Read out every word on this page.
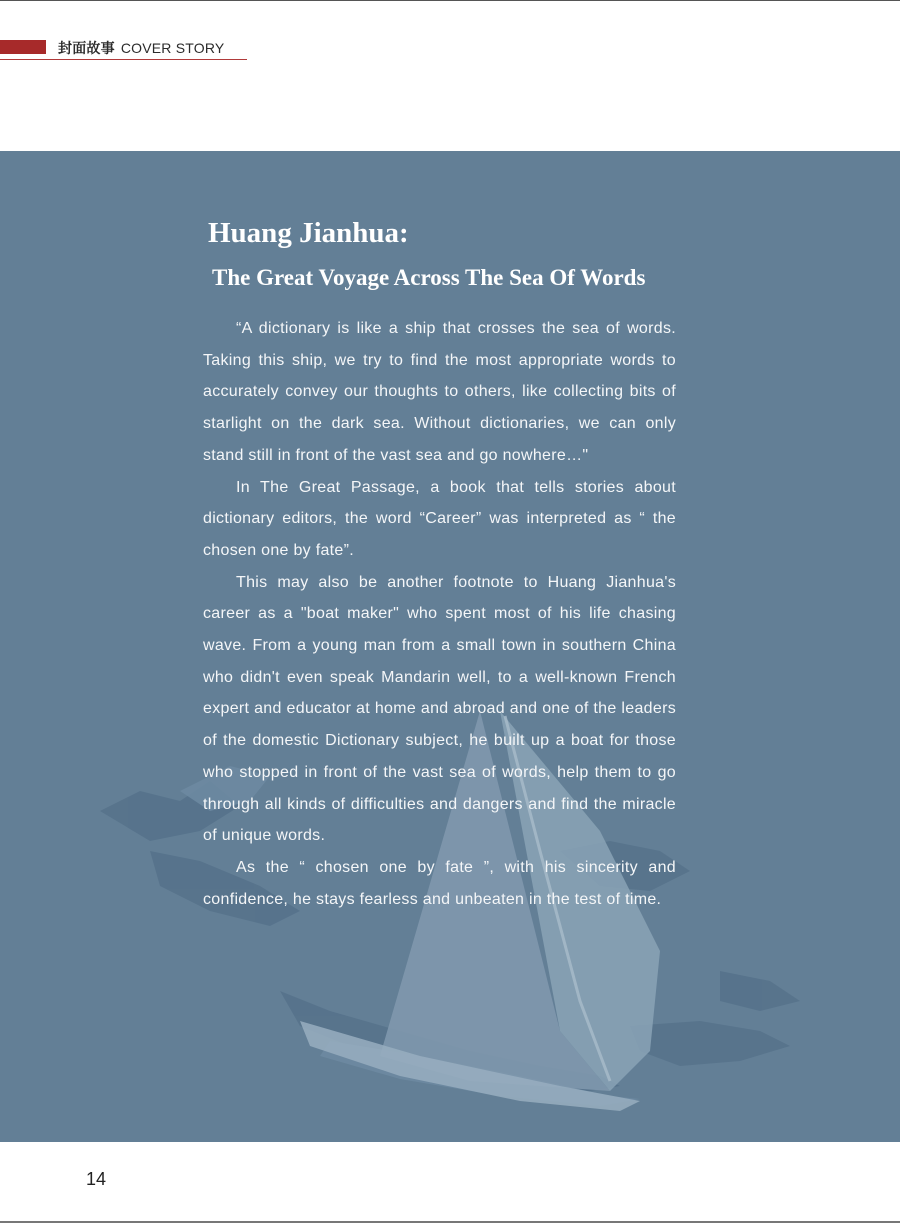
封面故事 COVER STORY
Huang Jianhua:
The Great Voyage Across The Sea Of Words

“A dictionary is like a ship that crosses the sea of words. Taking this ship, we try to find the most appropriate words to accurately convey our thoughts to others, like collecting bits of starlight on the dark sea. Without dictionaries, we can only stand still in front of the vast sea and go nowhere…"

In The Great Passage, a book that tells stories about dictionary editors, the word “Career” was interpreted as “ the chosen one by fate”.

This may also be another footnote to Huang Jianhua's career as a "boat maker" who spent most of his life chasing wave. From a young man from a small town in southern China who didn't even speak Mandarin well, to a well-known French expert and educator at home and abroad and one of the leaders of the domestic Dictionary subject, he built up a boat for those who stopped in front of the vast sea of words, help them to go through all kinds of difficulties and dangers and find the miracle of unique words.

As the “ chosen one by fate ”, with his sincerity and confidence, he stays fearless and unbeaten in the test of time.

14
